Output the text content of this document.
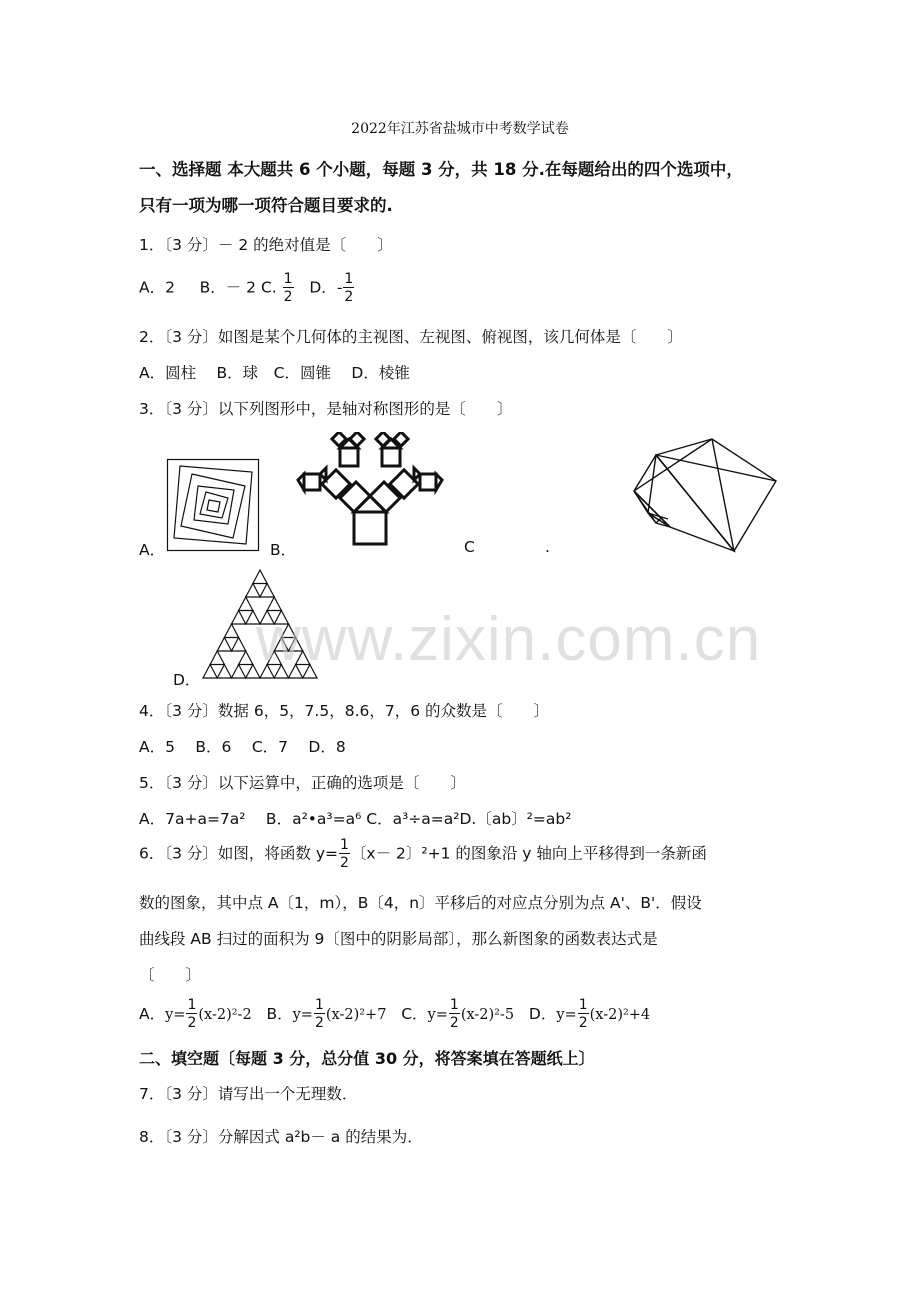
2022年江苏省盐城市中考数学试卷
一、选择题 本大题共 6 个小题，每题 3 分，共 18 分.在每题给出的四个选项中，
只有一项为哪一项符合题目要求的.
1．〔3 分〕－ 2 的绝对值是〔　　〕
A．2 B．－ 2 C. $\frac{1}{2}$ D．- $\frac{1}{2}$
2．〔3 分〕如图是某个几何体的主视图、左视图、俯视图，该几何体是〔　　〕
A．圆柱　 B．球　C．圆锥　 D．棱锥
3．〔3 分〕以下列图形中，是轴对称图形的是〔　　〕
A．	B．	C	.
D．
www.zixin.com.cn
4．〔3 分〕数据 6，5，7.5，8.6，7，6 的众数是〔　　〕
A．5　 B．6　 C．7　 D．8
5．〔3 分〕以下运算中，正确的选项是〔　　〕
A．7a+a=7a²　 B．a²•a³=a⁶ C．a³÷a=a²D.〔ab〕²=ab²
6．〔3 分〕如图，将函数 $y= \frac{1}{2}$ 〔x－ 2〕²+1 的图象沿 y 轴向上平移得到一条新函
数的图象，其中点 A〔1，m），B〔4，n〕平移后的对应点分别为点 A'、B'．假设
曲线段 AB 扫过的面积为 9〔图中的阴影局部〕，那么新图象的函数表达式是
〔　　〕
A．$y= \frac{1}{2} (x-2)^2-2$ B．$y= \frac{1}{2} (x-2)^2+7$ C．$y= \frac{1}{2} (x-2)^2-5$ D．$y= \frac{1}{2} (x-2)^2+4$
二、填空题〔每题 3 分，总分值 30 分，将答案填在答题纸上〕
7．〔3 分〕请写出一个无理数．
8．〔3 分〕分解因式 a²b－ a 的结果为．
